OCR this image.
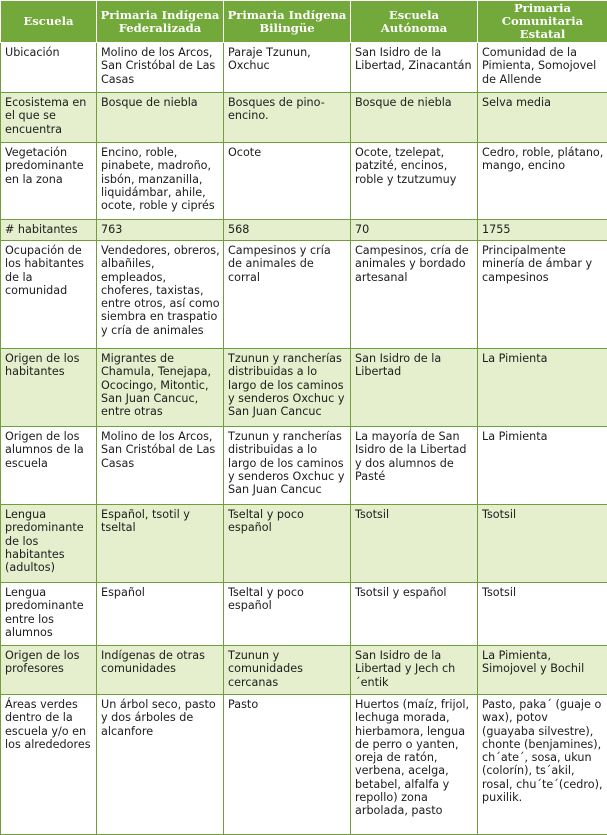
Escuela	Primaria Indígena Federalizada	Primaria Indígena Bilingüe	Escuela Autónoma	Primaria Comunitaria Estatal
Ubicación	Molino de los Arcos, San Cristóbal de Las Casas	Paraje Tzunun, Oxchuc	San Isidro de la Libertad, Zinacantán	Comunidad de la Pimienta, Somojovel de Allende
Ecosistema en el que se encuentra	Bosque de niebla	Bosques de pino-encino.	Bosque de niebla	Selva media
Vegetación predominante en la zona	Encino, roble, pinabete, madroño, isbón, manzanilla, liquidámbar, ahile, ocote, roble y ciprés	Ocote	Ocote, tzelepat, patzité, encinos, roble y tzutzumuy	Cedro, roble, plátano, mango, encino
# habitantes	763	568	70	1755
Ocupación de los habitantes de la comunidad	Vendedores, obreros, albañiles, empleados, choferes, taxistas, entre otros, así como siembra en traspatio y cría de animales	Campesinos y cría de animales de corral	Campesinos, cría de animales y bordado artesanal	Principalmente minería de ámbar y campesinos
Origen de los habitantes	Migrantes de Chamula, Tenejapa, Ococingo, Mitontic, San Juan Cancuc, entre otras	Tzunun y rancherías distribuidas a lo largo de los caminos y senderos Oxchuc y San Juan Cancuc	San Isidro de la Libertad	La Pimienta
Origen de los alumnos de la escuela	Molino de los Arcos, San Cristóbal de Las Casas	Tzunun y rancherías distribuidas a lo largo de los caminos y senderos Oxchuc y San Juan Cancuc	La mayoría de San Isidro de la Libertad y dos alumnos de Pasté	La Pimienta
Lengua predominante de los habitantes (adultos)	Español, tsotil y tseltal	Tseltal y poco español	Tsotsil	Tsotsil
Lengua predominante entre los alumnos	Español	Tseltal y poco español	Tsotsil y español	Tsotsil
Origen de los profesores	Indígenas de otras comunidades	Tzunun y comunidades cercanas	San Isidro de la Libertad y Jech ch´entik	La Pimienta, Simojovel y Bochil
Áreas verdes dentro de la escuela y/o en los alrededores	Un árbol seco, pasto y dos árboles de alcanfore	Pasto	Huertos (maíz, frijol, lechuga morada, hierbamora, lengua de perro o yanten, oreja de ratón, verbena, acelga, betabel, alfalfa y repollo) zona arbolada, pasto	Pasto, paka´ (guaje o wax), potov (guayaba silvestre), chonte (benjamines), ch´ate´, sosa, ukun (colorín), ts´akil, rosal, chu´te´(cedro), puxilik.
